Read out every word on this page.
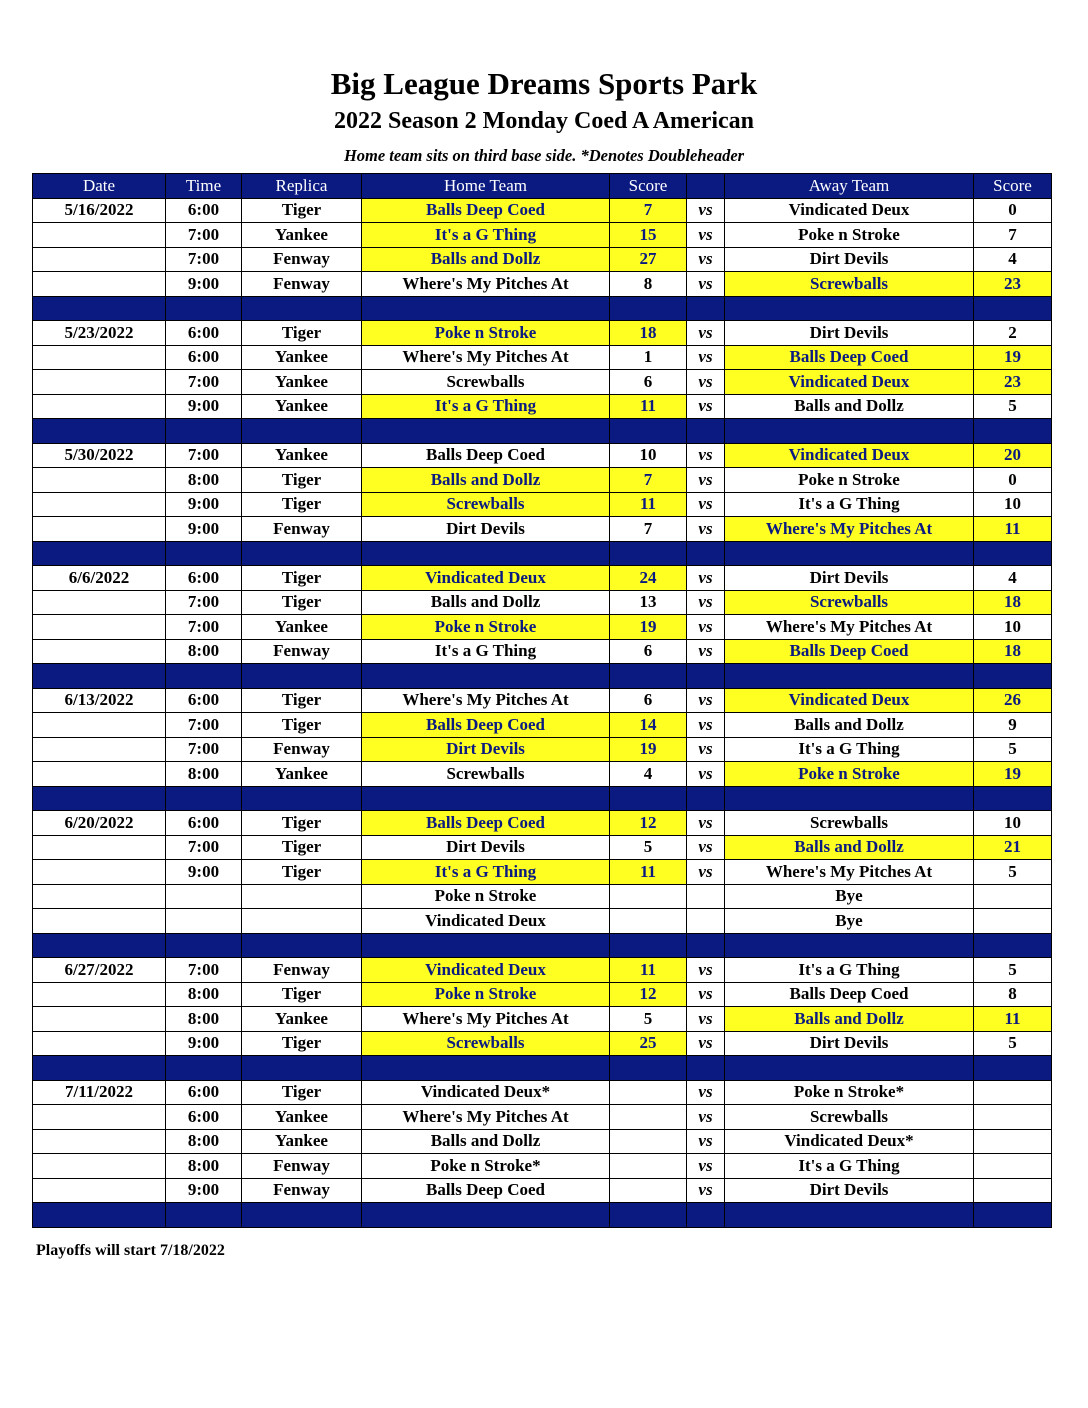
Big League Dreams Sports Park
2022 Season 2 Monday Coed A American
Home team sits on third base side. *Denotes Doubleheader
Date	Time	Replica	Home Team	Score		Away Team	Score
5/16/2022	6:00	Tiger	Balls Deep Coed	7	vs	Vindicated Deux	0
	7:00	Yankee	It's a G Thing	15	vs	Poke n Stroke	7
	7:00	Fenway	Balls and Dollz	27	vs	Dirt Devils	4
	9:00	Fenway	Where's My Pitches At	8	vs	Screwballs	23

5/23/2022	6:00	Tiger	Poke n Stroke	18	vs	Dirt Devils	2
	6:00	Yankee	Where's My Pitches At	1	vs	Balls Deep Coed	19
	7:00	Yankee	Screwballs	6	vs	Vindicated Deux	23
	9:00	Yankee	It's a G Thing	11	vs	Balls and Dollz	5

5/30/2022	7:00	Yankee	Balls Deep Coed	10	vs	Vindicated Deux	20
	8:00	Tiger	Balls and Dollz	7	vs	Poke n Stroke	0
	9:00	Tiger	Screwballs	11	vs	It's a G Thing	10
	9:00	Fenway	Dirt Devils	7	vs	Where's My Pitches At	11

6/6/2022	6:00	Tiger	Vindicated Deux	24	vs	Dirt Devils	4
	7:00	Tiger	Balls and Dollz	13	vs	Screwballs	18
	7:00	Yankee	Poke n Stroke	19	vs	Where's My Pitches At	10
	8:00	Fenway	It's a G Thing	6	vs	Balls Deep Coed	18

6/13/2022	6:00	Tiger	Where's My Pitches At	6	vs	Vindicated Deux	26
	7:00	Tiger	Balls Deep Coed	14	vs	Balls and Dollz	9
	7:00	Fenway	Dirt Devils	19	vs	It's a G Thing	5
	8:00	Yankee	Screwballs	4	vs	Poke n Stroke	19

6/20/2022	6:00	Tiger	Balls Deep Coed	12	vs	Screwballs	10
	7:00	Tiger	Dirt Devils	5	vs	Balls and Dollz	21
	9:00	Tiger	It's a G Thing	11	vs	Where's My Pitches At	5
			Poke n Stroke			Bye	
			Vindicated Deux			Bye	

6/27/2022	7:00	Fenway	Vindicated Deux	11	vs	It's a G Thing	5
	8:00	Tiger	Poke n Stroke	12	vs	Balls Deep Coed	8
	8:00	Yankee	Where's My Pitches At	5	vs	Balls and Dollz	11
	9:00	Tiger	Screwballs	25	vs	Dirt Devils	5

7/11/2022	6:00	Tiger	Vindicated Deux*		vs	Poke n Stroke*	
	6:00	Yankee	Where's My Pitches At		vs	Screwballs	
	8:00	Yankee	Balls and Dollz		vs	Vindicated Deux*	
	8:00	Fenway	Poke n Stroke*		vs	It's a G Thing	
	9:00	Fenway	Balls Deep Coed		vs	Dirt Devils	

Playoffs will start 7/18/2022
